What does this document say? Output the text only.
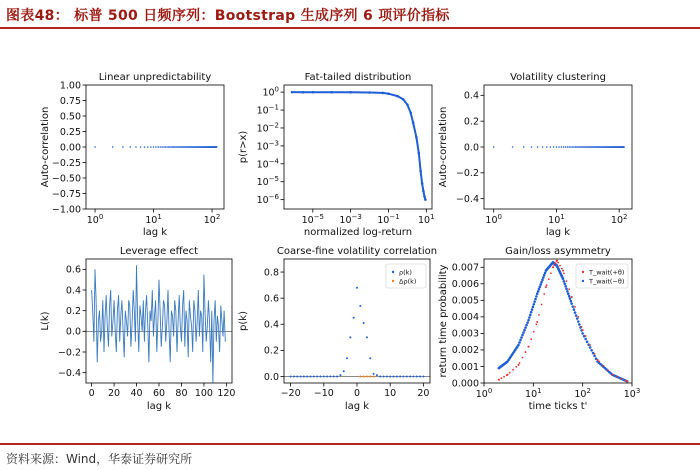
图表48： 标普 500 日频序列：Bootstrap 生成序列 6 项评价指标
Linear unpredictability
lag k
Auto-correlation
$10^0$	$10^1$	$10^2$
−1.00
−0.75
−0.50
−0.25
0.00
0.25
0.50
0.75
1.00
Fat-tailed distribution
normalized log-return
p(r>x)
$10^{-5}$ $10^{-3}$ $10^{-1}$ $10^1$
$10^0$
$10^{-1}$
$10^{-2}$
$10^{-3}$
$10^{-4}$
$10^{-5}$
$10^{-6}$
Volatility clustering
lag k
Auto-correlation
$10^0$	$10^1$	$10^2$
−0.4
−0.2
0.0
0.2
0.4
Leverage effect
lag k
L(k)
0 20 40 60 80 100 120
−0.4
−0.2
0.0
0.2
0.4
0.6	ρ(k)
Δρ(k)
Coarse-fine volatility correlation
lag k
p(k)
−20 −10 0	10 20
0.0
0.2
0.4
0.6
0.8	T_wait(+θ)
T_wait(−θ)
Gain/loss asymmetry
time ticks t'
return time probability
$10^0$	$10^1$	$10^2$	$10^3$
0.000
0.001
0.002
0.003
0.004
0.005
0.006
0.007
资料来源：Wind，华泰证券研究所
